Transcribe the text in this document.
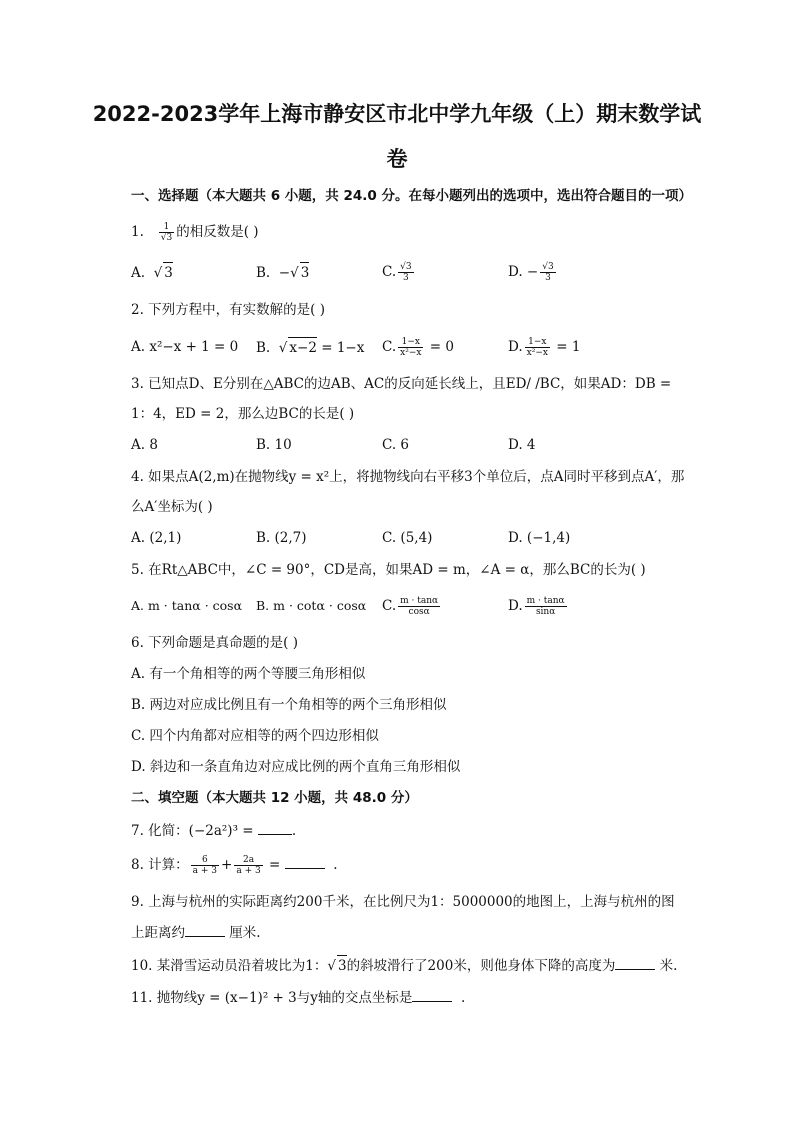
2022-2023学年上海市静安区市北中学九年级（上）期末数学试
卷
一、选择题（本大题共 6 小题，共 24.0 分。在每小题列出的选项中，选出符合题目的一项）
1. $\frac{1}{√3}$ 的相反数是( )
A.  √ 3	B.  −√ 3	C. $\frac{√3}{3}$	D. − $\frac{√3}{3}$
2. 下列方程中，有实数解的是( )
A. x²−x + 1 = 0 B.  √ x−2 = 1−x C. $\frac{1-x}{\text{x²−x}} = 0$	D. $\frac{1-x}{\text{x²−x}} = 1$
3. 已知点D、E分别在△ABC的边AB、AC的反向延长线上，且ED/ /BC，如果AD：DB =
1：4，ED = 2，那么边BC的长是( )
A. 8	B. 10	C. 6	D. 4
4. 如果点A(2,m)在抛物线y = x²上，将抛物线向右平移3个单位后，点A同时平移到点A′，那
么A′坐标为( )
A. (2,1)	B. (2,7)	C. (5,4)	D. (−1,4)
5. 在Rt△ABC中，∠C = 90°，CD是高，如果AD = m，∠A = α，那么BC的长为( )
A. m · tanα · cosα B. m · cotα · cosα C. $\frac{m \cdot \tan\alpha}{\cos\alpha}$	D. $\frac{m \cdot \tan\alpha}{\sin\alpha}$
6. 下列命题是真命题的是( )
A. 有一个角相等的两个等腰三角形相似
B. 两边对应成比例且有一个角相等的两个三角形相似
C. 四个内角都对应相等的两个四边形相似
D. 斜边和一条直角边对应成比例的两个直角三角形相似
二、填空题（本大题共 12 小题，共 48.0 分）
7. 化简：(−2a²)³ =	.
8. 计算： $\frac{6}{a + 3} + \frac{2a}{a + 3}$ =	.
9. 上海与杭州的实际距离约200千米，在比例尺为1：5000000的地图上，上海与杭州的图
上距离约	厘米.
10. 某滑雪运动员沿着坡比为1：√ 3的斜坡滑行了200米，则他身体下降的高度为	米.
11. 抛物线y = (x−1)² + 3与y轴的交点坐标是	.
